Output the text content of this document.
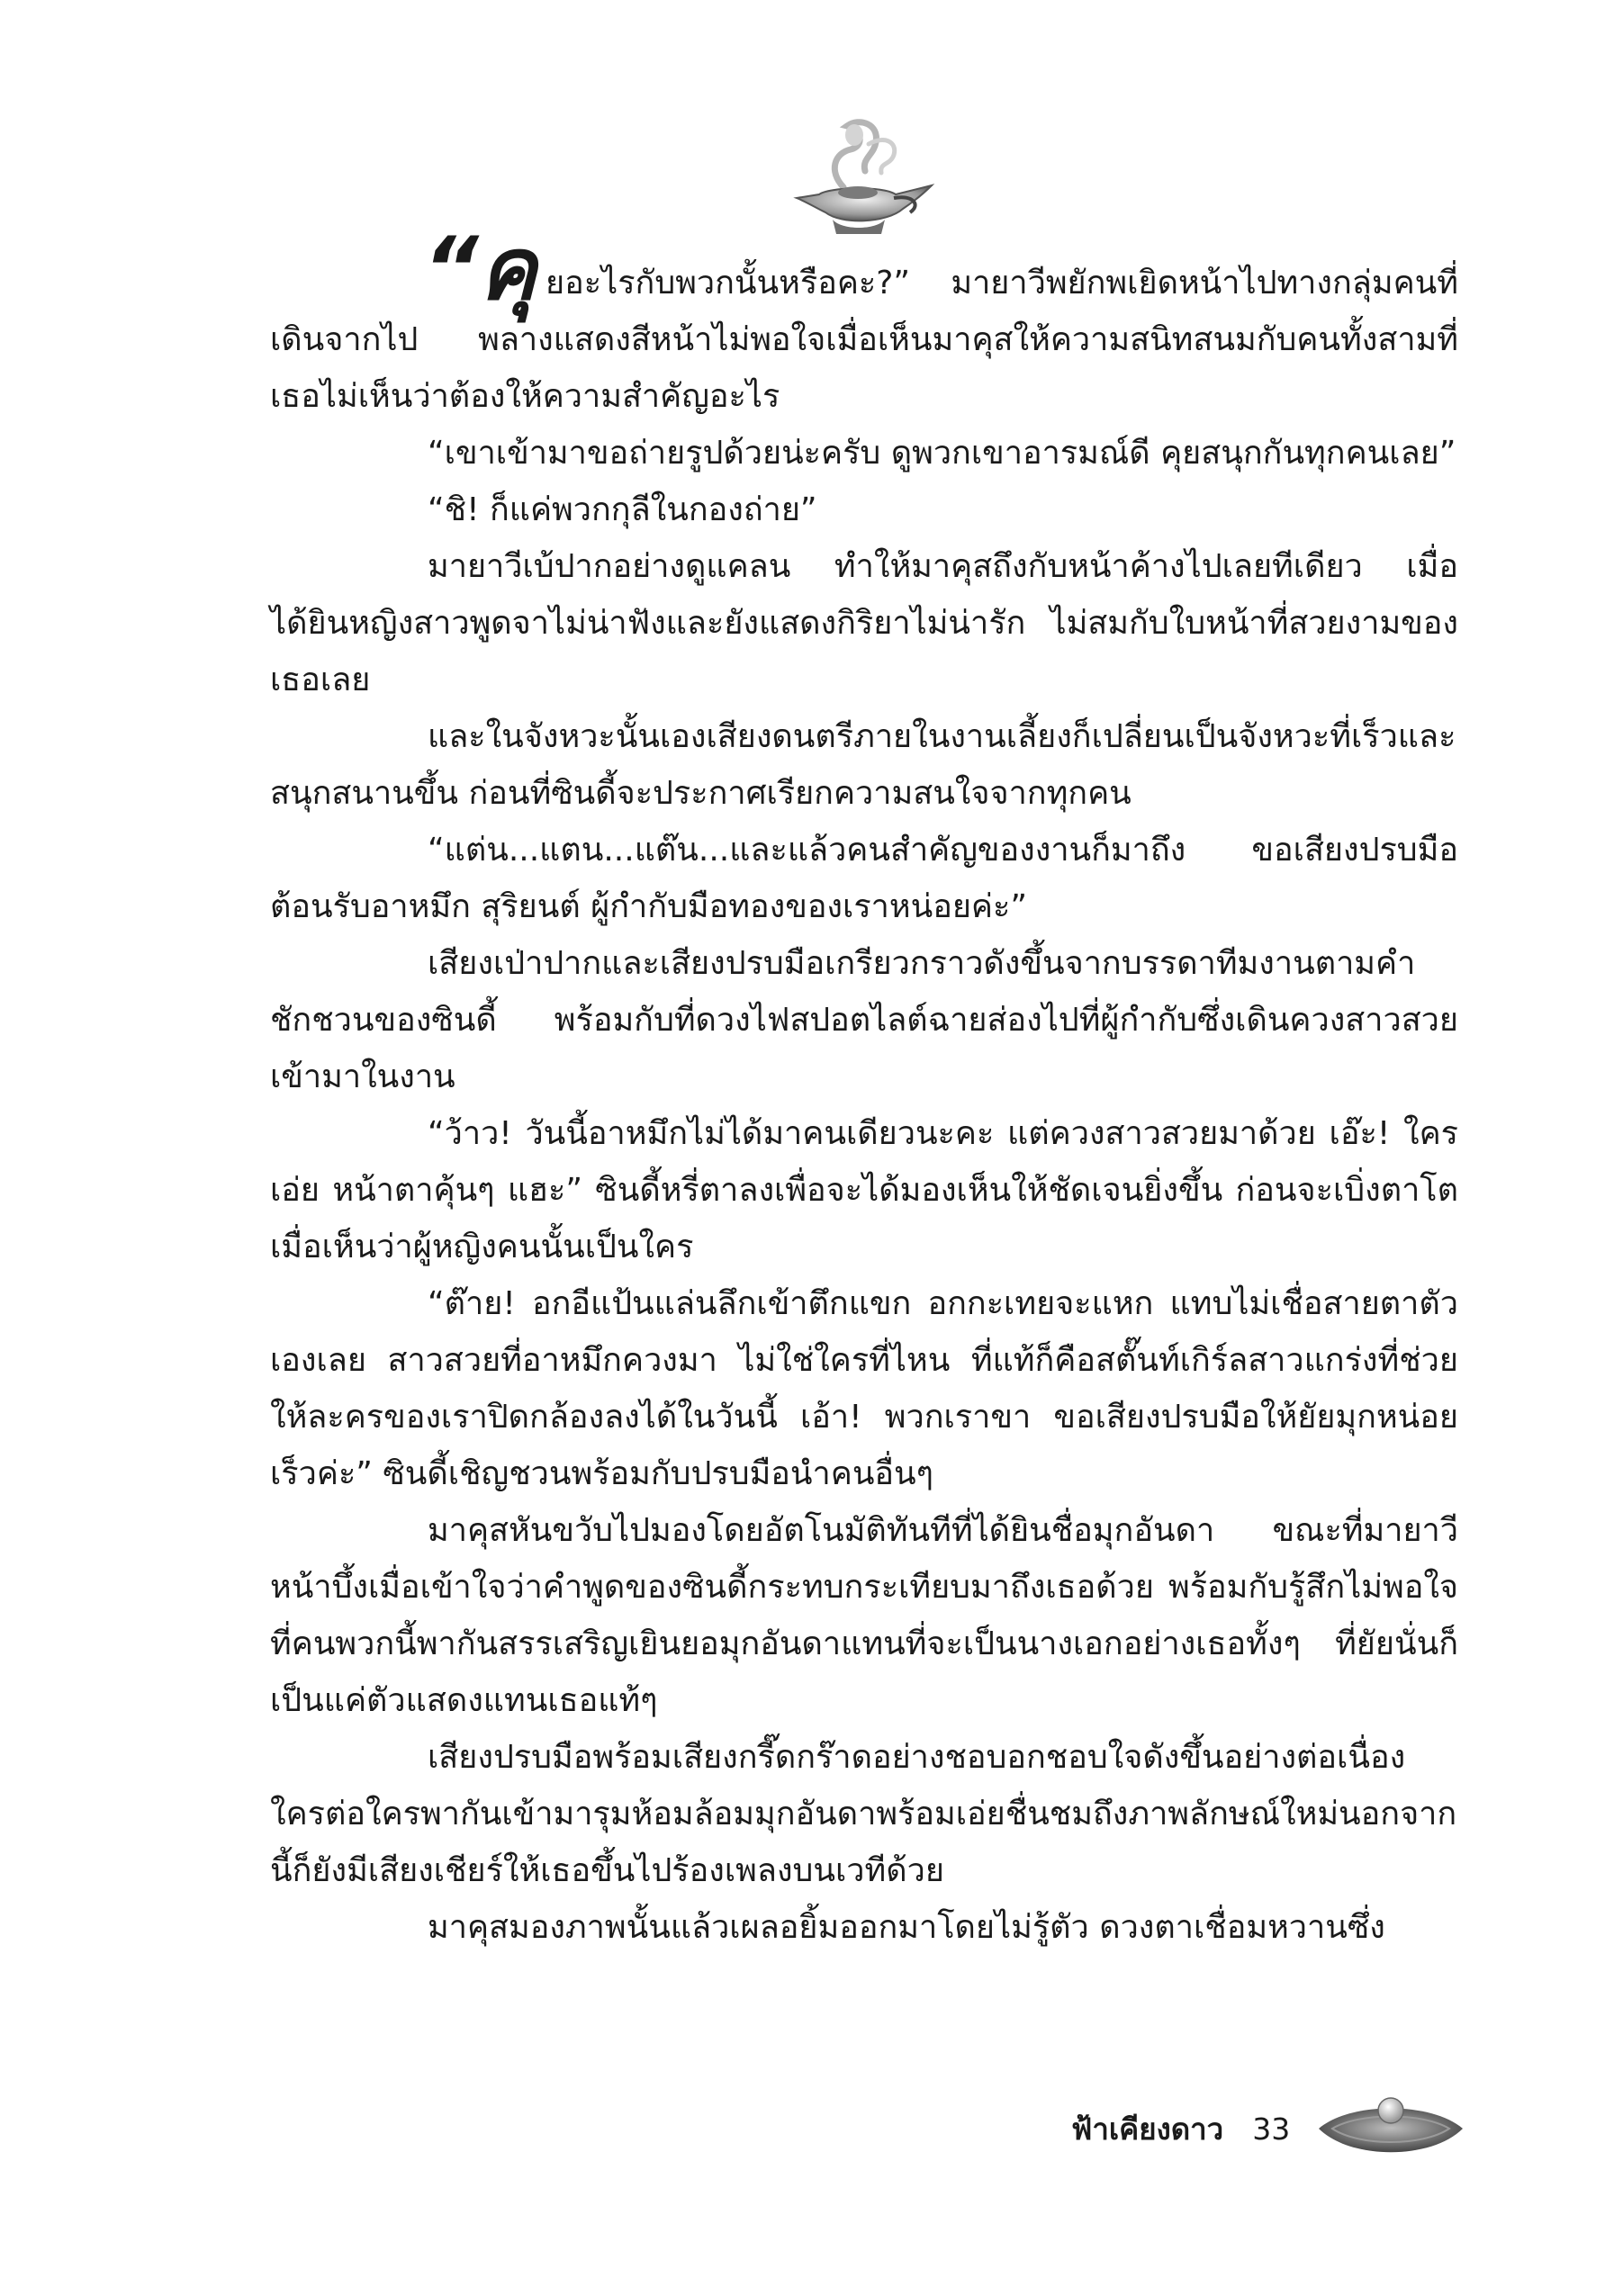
“คุยอะไรกับพวกนั้นหรือคะ?” มายาวีพยักพเยิดหน้าไปทางกลุ่มคนที่เดินจากไป พลางแสดงสีหน้าไม่พอใจเมื่อเห็นมาคุสให้ความสนิทสนมกับคนทั้งสามที่เธอไม่เห็นว่าต้องให้ความสำคัญอะไร

“เขาเข้ามาขอถ่ายรูปด้วยน่ะครับ ดูพวกเขาอารมณ์ดี คุยสนุกกันทุกคนเลย”

“ชิ! ก็แค่พวกกุลีในกองถ่าย”

มายาวีเบ้ปากอย่างดูแคลน ทำให้มาคุสถึงกับหน้าค้างไปเลยทีเดียว เมื่อได้ยินหญิงสาวพูดจาไม่น่าฟังและยังแสดงกิริยาไม่น่ารัก ไม่สมกับใบหน้าที่สวยงามของเธอเลย

และในจังหวะนั้นเองเสียงดนตรีภายในงานเลี้ยงก็เปลี่ยนเป็นจังหวะที่เร็วและสนุกสนานขึ้น ก่อนที่ซินดี้จะประกาศเรียกความสนใจจากทุกคน

“แต่น...แตน...แต๊น...และแล้วคนสำคัญของงานก็มาถึง ขอเสียงปรบมือต้อนรับอาหมึก สุริยนต์ ผู้กำกับมือทองของเราหน่อยค่ะ”

เสียงเป่าปากและเสียงปรบมือเกรียวกราวดังขึ้นจากบรรดาทีมงานตามคำชักชวนของซินดี้ พร้อมกับที่ดวงไฟสปอตไลต์ฉายส่องไปที่ผู้กำกับซึ่งเดินควงสาวสวยเข้ามาในงาน

“ว้าว! วันนี้อาหมึกไม่ได้มาคนเดียวนะคะ แต่ควงสาวสวยมาด้วย เอ๊ะ! ใครเอ่ย หน้าตาคุ้นๆ แฮะ” ซินดี้หรี่ตาลงเพื่อจะได้มองเห็นให้ชัดเจนยิ่งขึ้น ก่อนจะเบิ่งตาโตเมื่อเห็นว่าผู้หญิงคนนั้นเป็นใคร

“ต๊าย! อกอีแป้นแล่นลึกเข้าตึกแขก อกกะเทยจะแหก แทบไม่เชื่อสายตาตัวเองเลย สาวสวยที่อาหมึกควงมา ไม่ใช่ใครที่ไหน ที่แท้ก็คือสตั๊นท์เกิร์ลสาวแกร่งที่ช่วยให้ละครของเราปิดกล้องลงได้ในวันนี้ เอ้า! พวกเราขา ขอเสียงปรบมือให้ยัยมุกหน่อย เร็วค่ะ” ซินดี้เชิญชวนพร้อมกับปรบมือนำคนอื่นๆ

มาคุสหันขวับไปมองโดยอัตโนมัติทันทีที่ได้ยินชื่อมุกอันดา ขณะที่มายาวีหน้าบึ้งเมื่อเข้าใจว่าคำพูดของซินดี้กระทบกระเทียบมาถึงเธอด้วย พร้อมกับรู้สึกไม่พอใจที่คนพวกนี้พากันสรรเสริญเยินยอมุกอันดาแทนที่จะเป็นนางเอกอย่างเธอทั้งๆ ที่ยัยนั่นก็เป็นแค่ตัวแสดงแทนเธอแท้ๆ

เสียงปรบมือพร้อมเสียงกรี๊ดกร๊าดอย่างชอบอกชอบใจดังขึ้นอย่างต่อเนื่องใครต่อใครพากันเข้ามารุมห้อมล้อมมุกอันดาพร้อมเอ่ยชื่นชมถึงภาพลักษณ์ใหม่นอกจากนี้ก็ยังมีเสียงเชียร์ให้เธอขึ้นไปร้องเพลงบนเวทีด้วย

มาคุสมองภาพนั้นแล้วเผลอยิ้มออกมาโดยไม่รู้ตัว ดวงตาเชื่อมหวานซึ่ง

ฟ้าเคียงดาว 33
